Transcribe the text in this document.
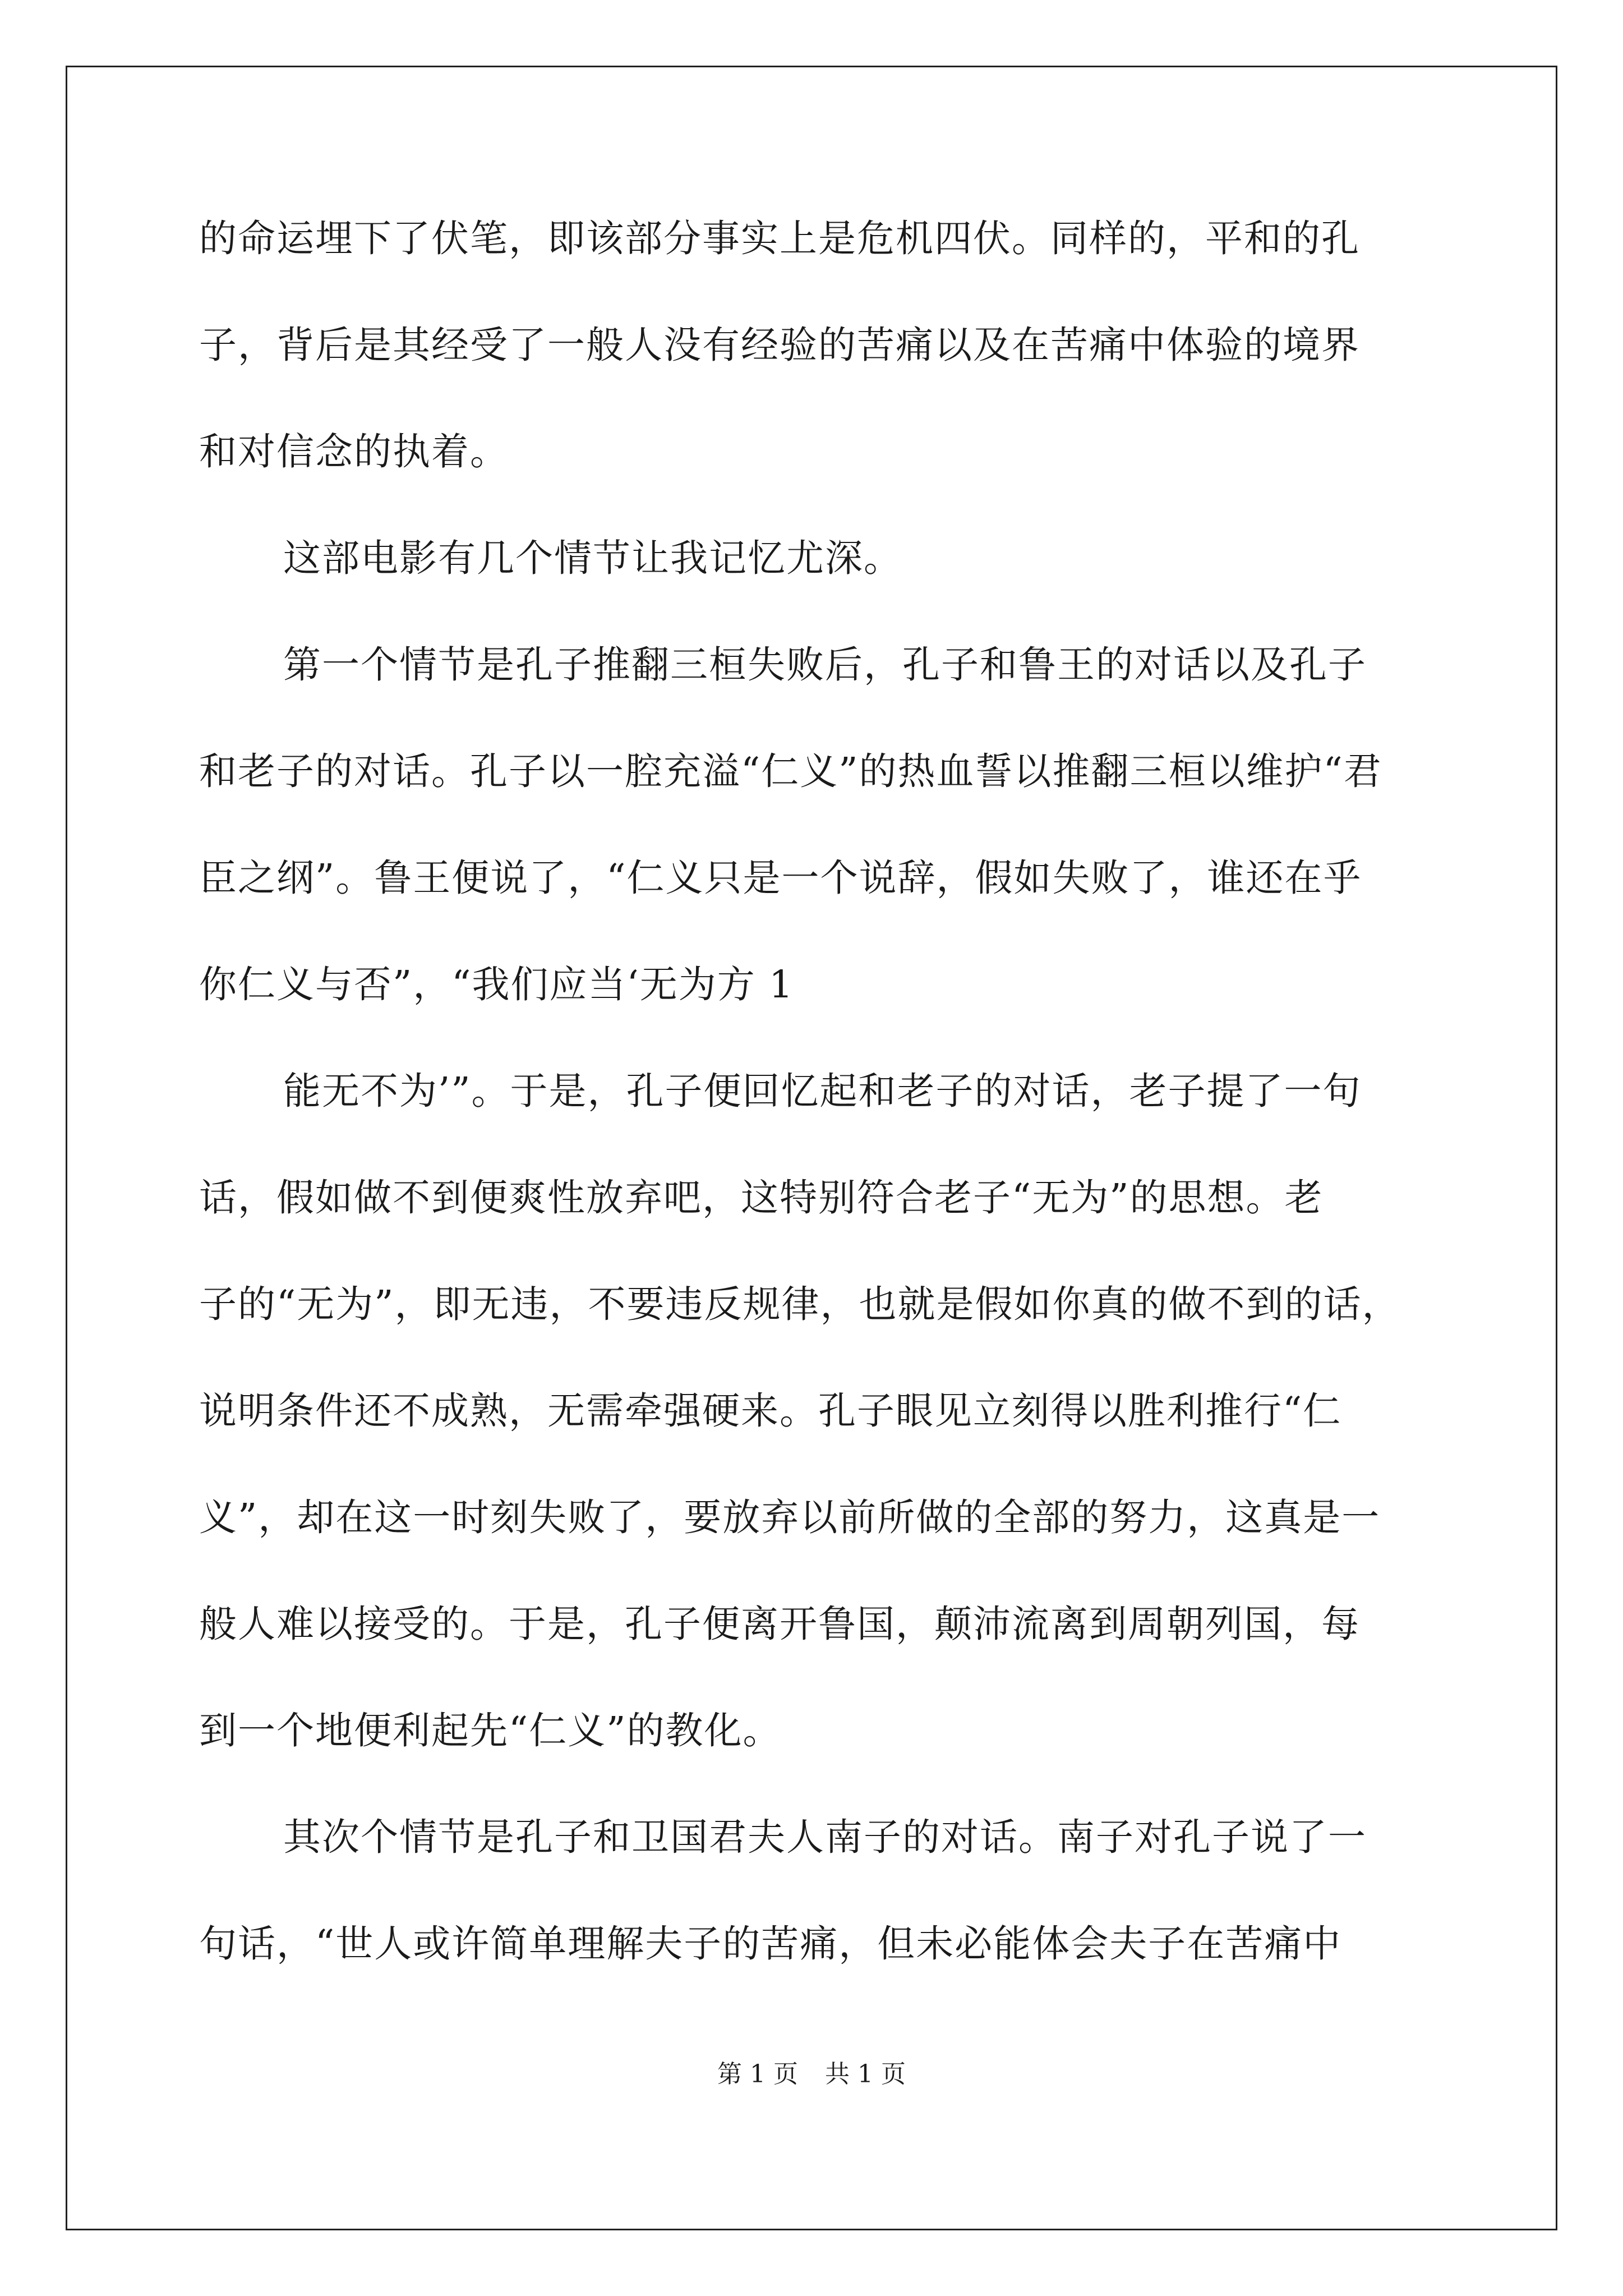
的命运埋下了伏笔，即该部分事实上是危机四伏。同样的，平和的孔
子，背后是其经受了一般人没有经验的苦痛以及在苦痛中体验的境界
和对信念的执着。
这部电影有几个情节让我记忆尤深。
第一个情节是孔子推翻三桓失败后，孔子和鲁王的对话以及孔子
和老子的对话。孔子以一腔充溢“仁义”的热血誓以推翻三桓以维护“君
臣之纲”。鲁王便说了，“仁义只是一个说辞，假如失败了，谁还在乎
你仁义与否”，“我们应当‘无为方 1
能无不为’”。于是，孔子便回忆起和老子的对话，老子提了一句
话，假如做不到便爽性放弃吧，这特别符合老子“无为”的思想。老
子的“无为”，即无违，不要违反规律，也就是假如你真的做不到的话，
说明条件还不成熟，无需牵强硬来。孔子眼见立刻得以胜利推行“仁
义”，却在这一时刻失败了，要放弃以前所做的全部的努力，这真是一
般人难以接受的。于是，孔子便离开鲁国，颠沛流离到周朝列国，每
到一个地便利起先“仁义”的教化。
其次个情节是孔子和卫国君夫人南子的对话。南子对孔子说了一
句话，“世人或许简单理解夫子的苦痛，但未必能体会夫子在苦痛中
第 1 页 共 1 页
